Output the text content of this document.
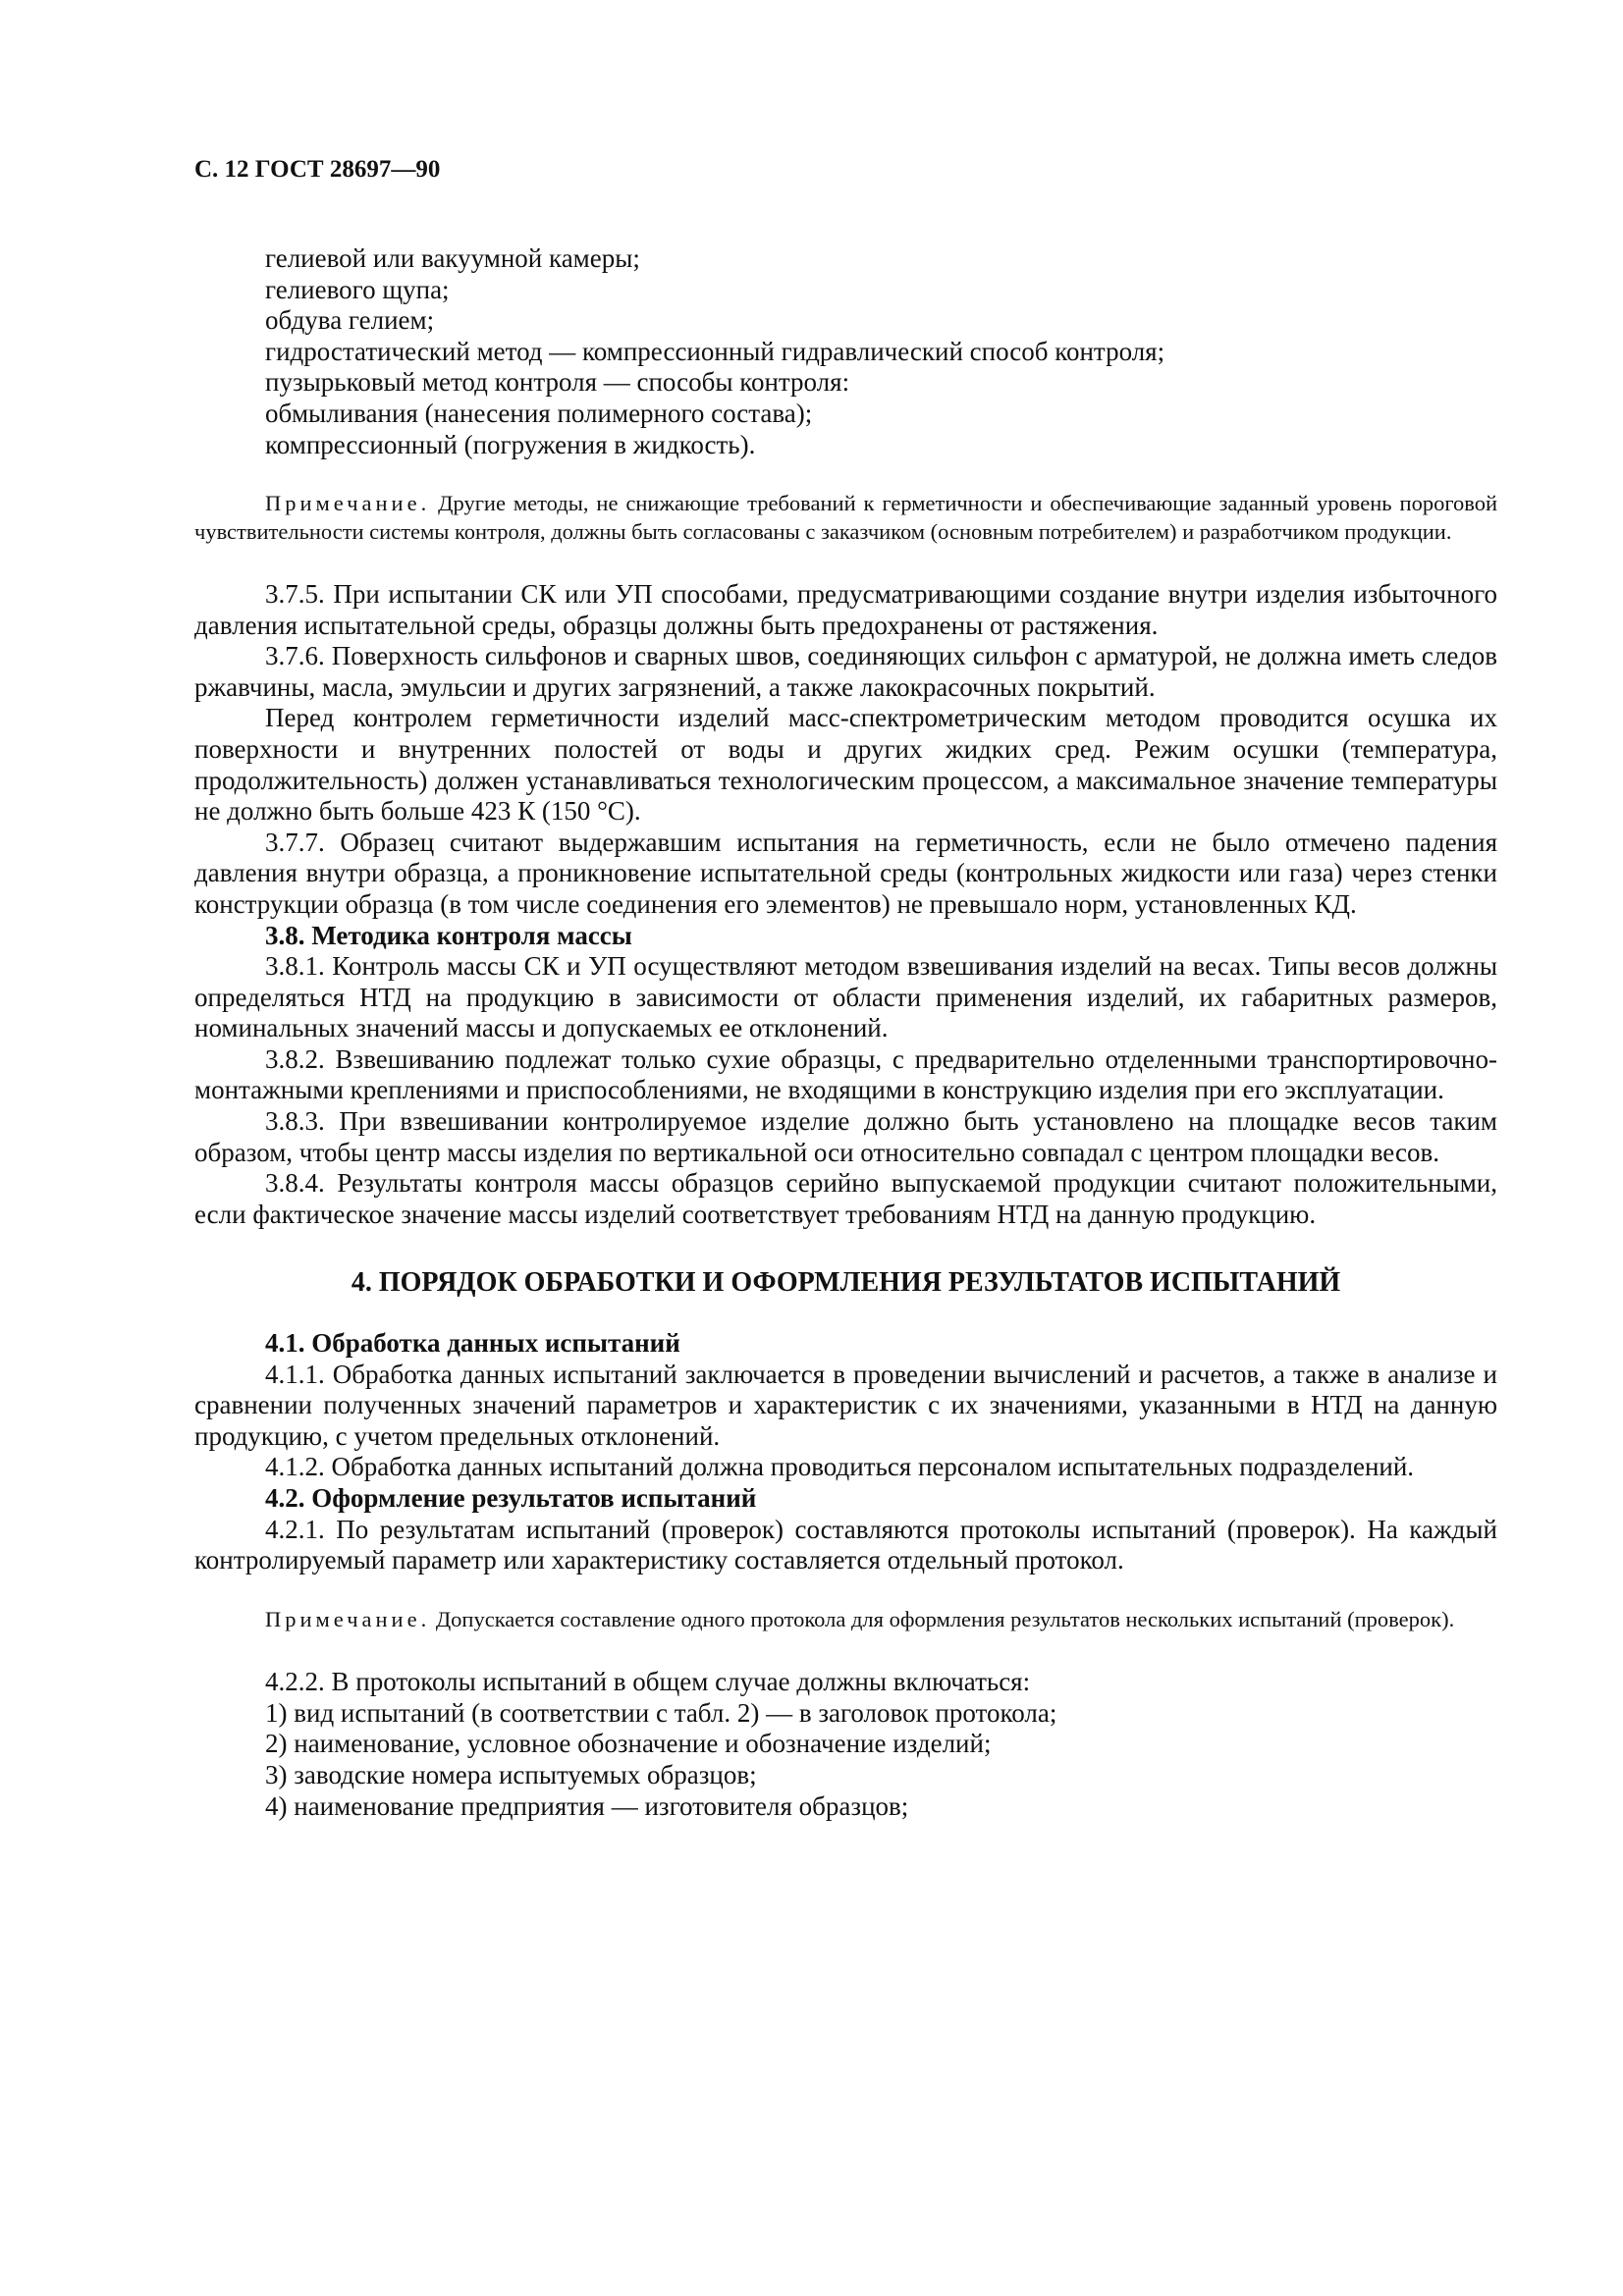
С. 12 ГОСТ 28697—90

гелиевой или вакуумной камеры;

гелиевого щупа;

обдува гелием;

гидростатический метод — компрессионный гидравлический способ контроля;

пузырьковый метод контроля — способы контроля:

обмыливания (нанесения полимерного состава);

компрессионный (погружения в жидкость).

Примечание. Другие методы, не снижающие требований к герметичности и обеспечивающие заданный уровень пороговой чувствительности системы контроля, должны быть согласованы с заказчиком (основным потребителем) и разработчиком продукции.

3.7.5. При испытании СК или УП способами, предусматривающими создание внутри изделия избыточного давления испытательной среды, образцы должны быть предохранены от растяжения.

3.7.6. Поверхность сильфонов и сварных швов, соединяющих сильфон с арматурой, не должна иметь следов ржавчины, масла, эмульсии и других загрязнений, а также лакокрасочных покрытий.

Перед контролем герметичности изделий масс-спектрометрическим методом проводится осушка их поверхности и внутренних полостей от воды и других жидких сред. Режим осушки (температура, продолжительность) должен устанавливаться технологическим процессом, а максимальное значение температуры не должно быть больше 423 К (150 °С).

3.7.7. Образец считают выдержавшим испытания на герметичность, если не было отмечено падения давления внутри образца, а проникновение испытательной среды (контрольных жидкости или газа) через стенки конструкции образца (в том числе соединения его элементов) не превышало норм, установленных КД.

3.8. Методика контроля массы

3.8.1. Контроль массы СК и УП осуществляют методом взвешивания изделий на весах. Типы весов должны определяться НТД на продукцию в зависимости от области применения изделий, их габаритных размеров, номинальных значений массы и допускаемых ее отклонений.

3.8.2. Взвешиванию подлежат только сухие образцы, с предварительно отделенными транспортировочно-монтажными креплениями и приспособлениями, не входящими в конструкцию изделия при его эксплуатации.

3.8.3. При взвешивании контролируемое изделие должно быть установлено на площадке весов таким образом, чтобы центр массы изделия по вертикальной оси относительно совпадал с центром площадки весов.

3.8.4. Результаты контроля массы образцов серийно выпускаемой продукции считают положительными, если фактическое значение массы изделий соответствует требованиям НТД на данную продукцию.

4. ПОРЯДОК ОБРАБОТКИ И ОФОРМЛЕНИЯ РЕЗУЛЬТАТОВ ИСПЫТАНИЙ

4.1. Обработка данных испытаний

4.1.1. Обработка данных испытаний заключается в проведении вычислений и расчетов, а также в анализе и сравнении полученных значений параметров и характеристик с их значениями, указанными в НТД на данную продукцию, с учетом предельных отклонений.

4.1.2. Обработка данных испытаний должна проводиться персоналом испытательных подразделений.

4.2. Оформление результатов испытаний

4.2.1. По результатам испытаний (проверок) составляются протоколы испытаний (проверок). На каждый контролируемый параметр или характеристику составляется отдельный протокол.

Примечание. Допускается составление одного протокола для оформления результатов нескольких испытаний (проверок).

4.2.2. В протоколы испытаний в общем случае должны включаться:

1) вид испытаний (в соответствии с табл. 2) — в заголовок протокола;

2) наименование, условное обозначение и обозначение изделий;

3) заводские номера испытуемых образцов;

4) наименование предприятия — изготовителя образцов;
